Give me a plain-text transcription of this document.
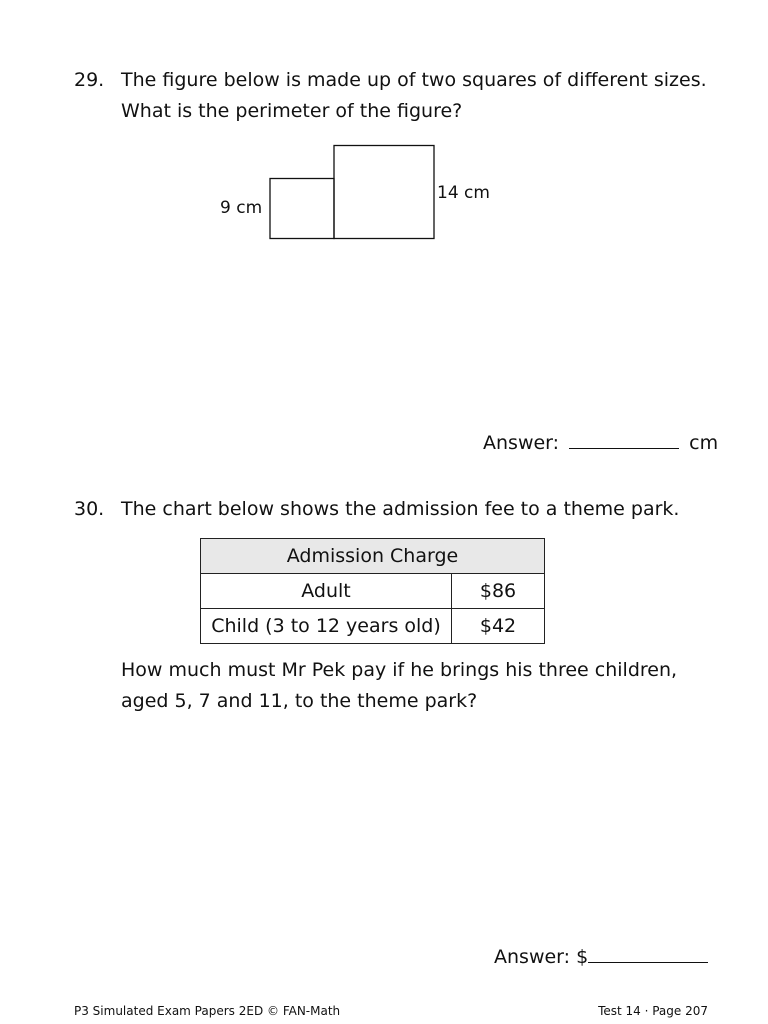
29. The figure below is made up of two squares of different sizes.
What is the perimeter of the figure?
9 cm
14 cm
Answer:	cm
30. The chart below shows the admission fee to a theme park.
Admission Charge	
Adult	$86
Child (3 to 12 years old)	$42
How much must Mr Pek pay if he brings his three children,
aged 5, 7 and 11, to the theme park?
Answer: $
P3 Simulated Exam Papers 2ED © FAN-Math	Test 14 · Page 207
